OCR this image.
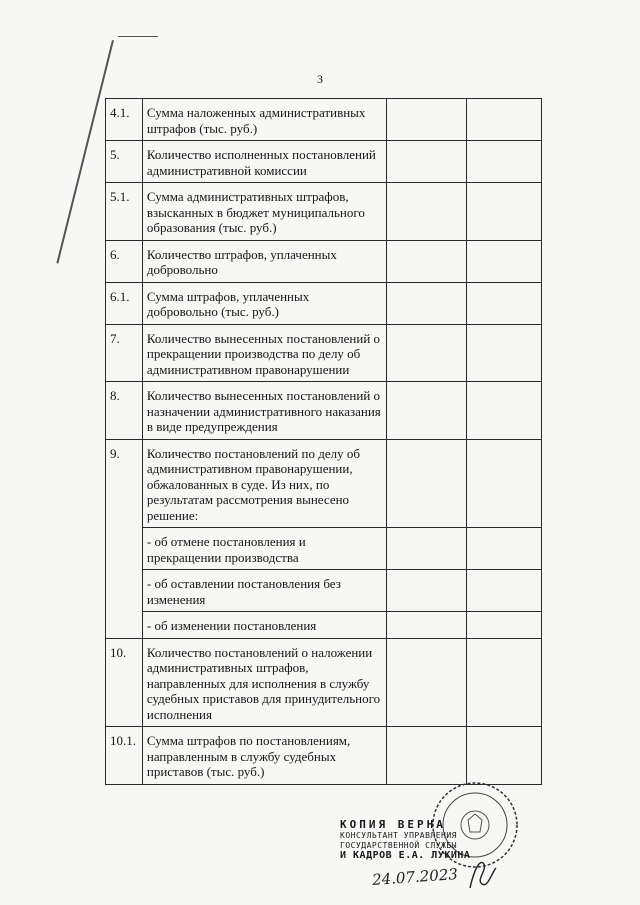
3
4.1.	Сумма наложенных административных штрафов (тыс. руб.)		
5.	Количество исполненных постановлений административной комиссии		
5.1.	Сумма административных штрафов, взысканных в бюджет муниципального образования (тыс. руб.)		
6.	Количество штрафов, уплаченных добровольно		
6.1.	Сумма штрафов, уплаченных добровольно (тыс. руб.)		
7.	Количество вынесенных постановлений о прекращении производства по делу об административном правонарушении		
8.	Количество вынесенных постановлений о назначении административного наказания в виде предупреждения		
9.	Количество постановлений по делу об административном правонарушении, обжалованных в суде. Из них, по результатам рассмотрения вынесено решение:		
	- об отмене постановления и прекращении производства		
	- об оставлении постановления без изменения		
	- об изменении постановления		
10.	Количество постановлений о наложении административных штрафов, направленных для исполнения в службу судебных приставов для принудительного исполнения		
10.1.	Сумма штрафов по постановлениям, направленным в службу судебных приставов (тыс. руб.)		
КОПИЯ ВЕРНА
КОНСУЛЬТАНТ УПРАВЛЕНИЯ
ГОСУДАРСТВЕННОЙ СЛУЖБЫ
И КАДРОВ Е.А. ЛУКИНА
24.07.2023
